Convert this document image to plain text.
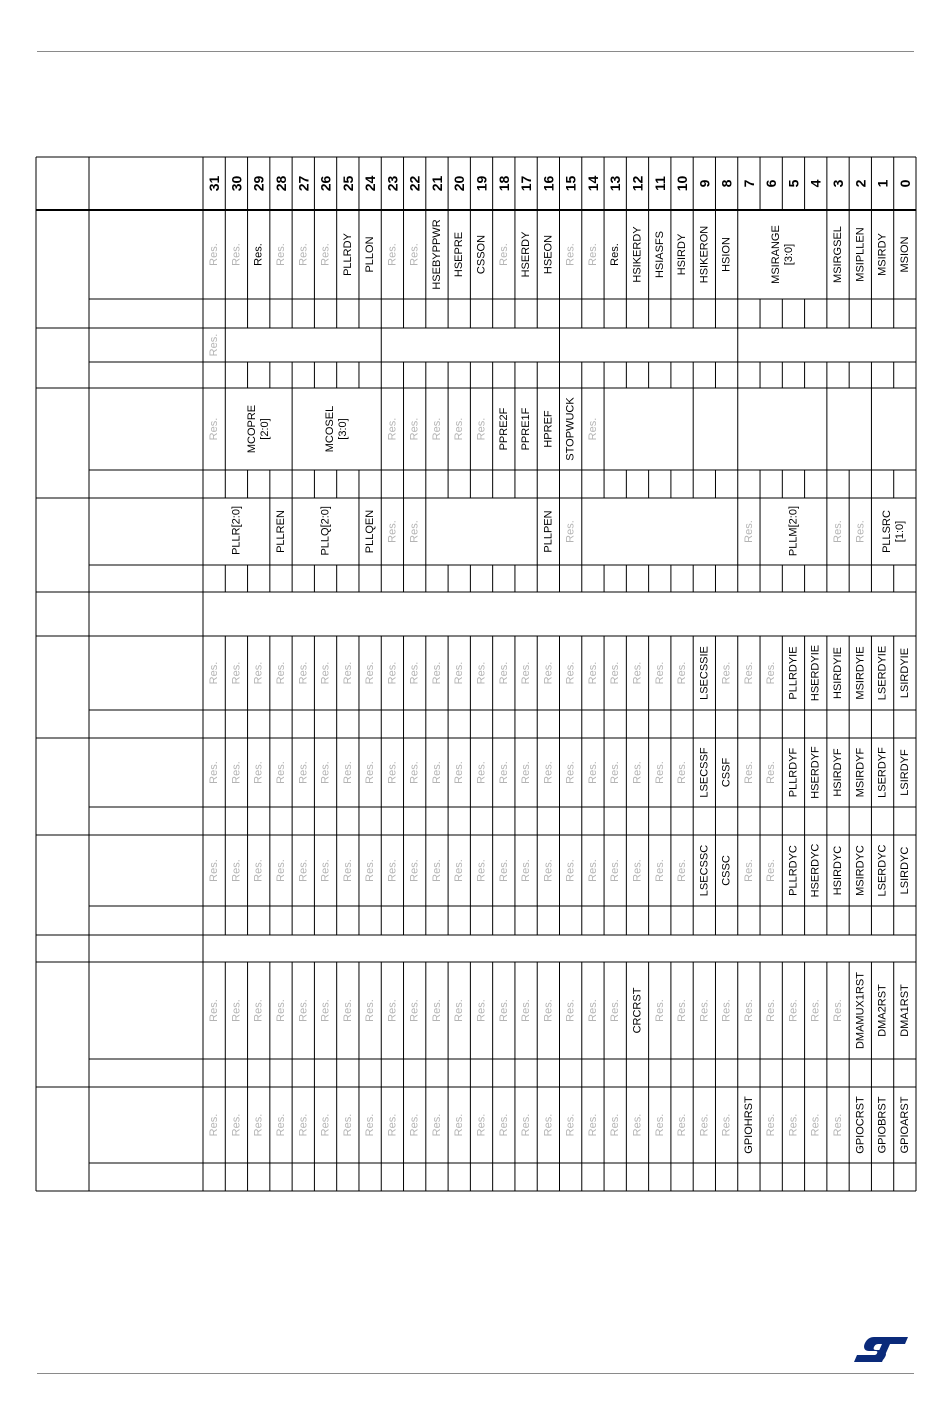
31 30 29 28 27 26 25 24 23 22 21 20 19 18 17 16 15 14 13 12 11 10 9 8 7 6 5 4 3 2 1 0
Res. Res. Res. Res. Res. Res. PLLRDY PLLON Res. Res. HSEBYPPWR HSEPRE CSSON Res. HSERDY HSEON Res. Res. Res. HSIKERDY HSIASFS HSIRDY HSIKERON HSION	MSIRANGE [3:0]	MSIRGSEL MSIPLLEN MSIRDY MSION
Res.
Res. MCOPRE [2:0]	MCOSEL [3:0]	Res. Res. Res. Res. Res. PPRE2F PPRE1F HPREF STOPWUCK Res.
PLLR[2:0]	PLLREN	PLLQ[2:0]	PLLQEN Res. Res.	PLLPEN Res.	Res.	PLLM[2:0]	Res. Res. PLLSRC [1:0]
Res. Res. Res. Res. Res. Res. Res. Res. Res. Res. Res. Res. Res. Res. Res. Res. Res. Res. Res. Res. Res. Res. LSECSSIE Res. Res. Res. PLLRDYIE HSERDYIE HSIRDYIE MSIRDYIE LSERDYIE LSIRDYIE
Res. Res. Res. Res. Res. Res. Res. Res. Res. Res. Res. Res. Res. Res. Res. Res. Res. Res. Res. Res. Res. Res. LSECSSF CSSF Res. Res. PLLRDYF HSERDYF HSIRDYF MSIRDYF LSERDYF LSIRDYF
Res. Res. Res. Res. Res. Res. Res. Res. Res. Res. Res. Res. Res. Res. Res. Res. Res. Res. Res. Res. Res. Res. LSECSSC CSSC Res. Res. PLLRDYC HSERDYC HSIRDYC MSIRDYC LSERDYC LSIRDYC
Res. Res. Res. Res. Res. Res. Res. Res. Res. Res. Res. Res. Res. Res. Res. Res. Res. Res. Res. CRCRST Res. Res. Res. Res. Res. Res. Res. Res. Res. DMAMUX1RST DMA2RST DMA1RST
Res. Res. Res. Res. Res. Res. Res. Res. Res. Res. Res. Res. Res. Res. Res. Res. Res. Res. Res. Res. Res. Res. Res. Res. GPIOHRST Res. Res. Res. Res. GPIOCRST GPIOBRST GPIOARST
